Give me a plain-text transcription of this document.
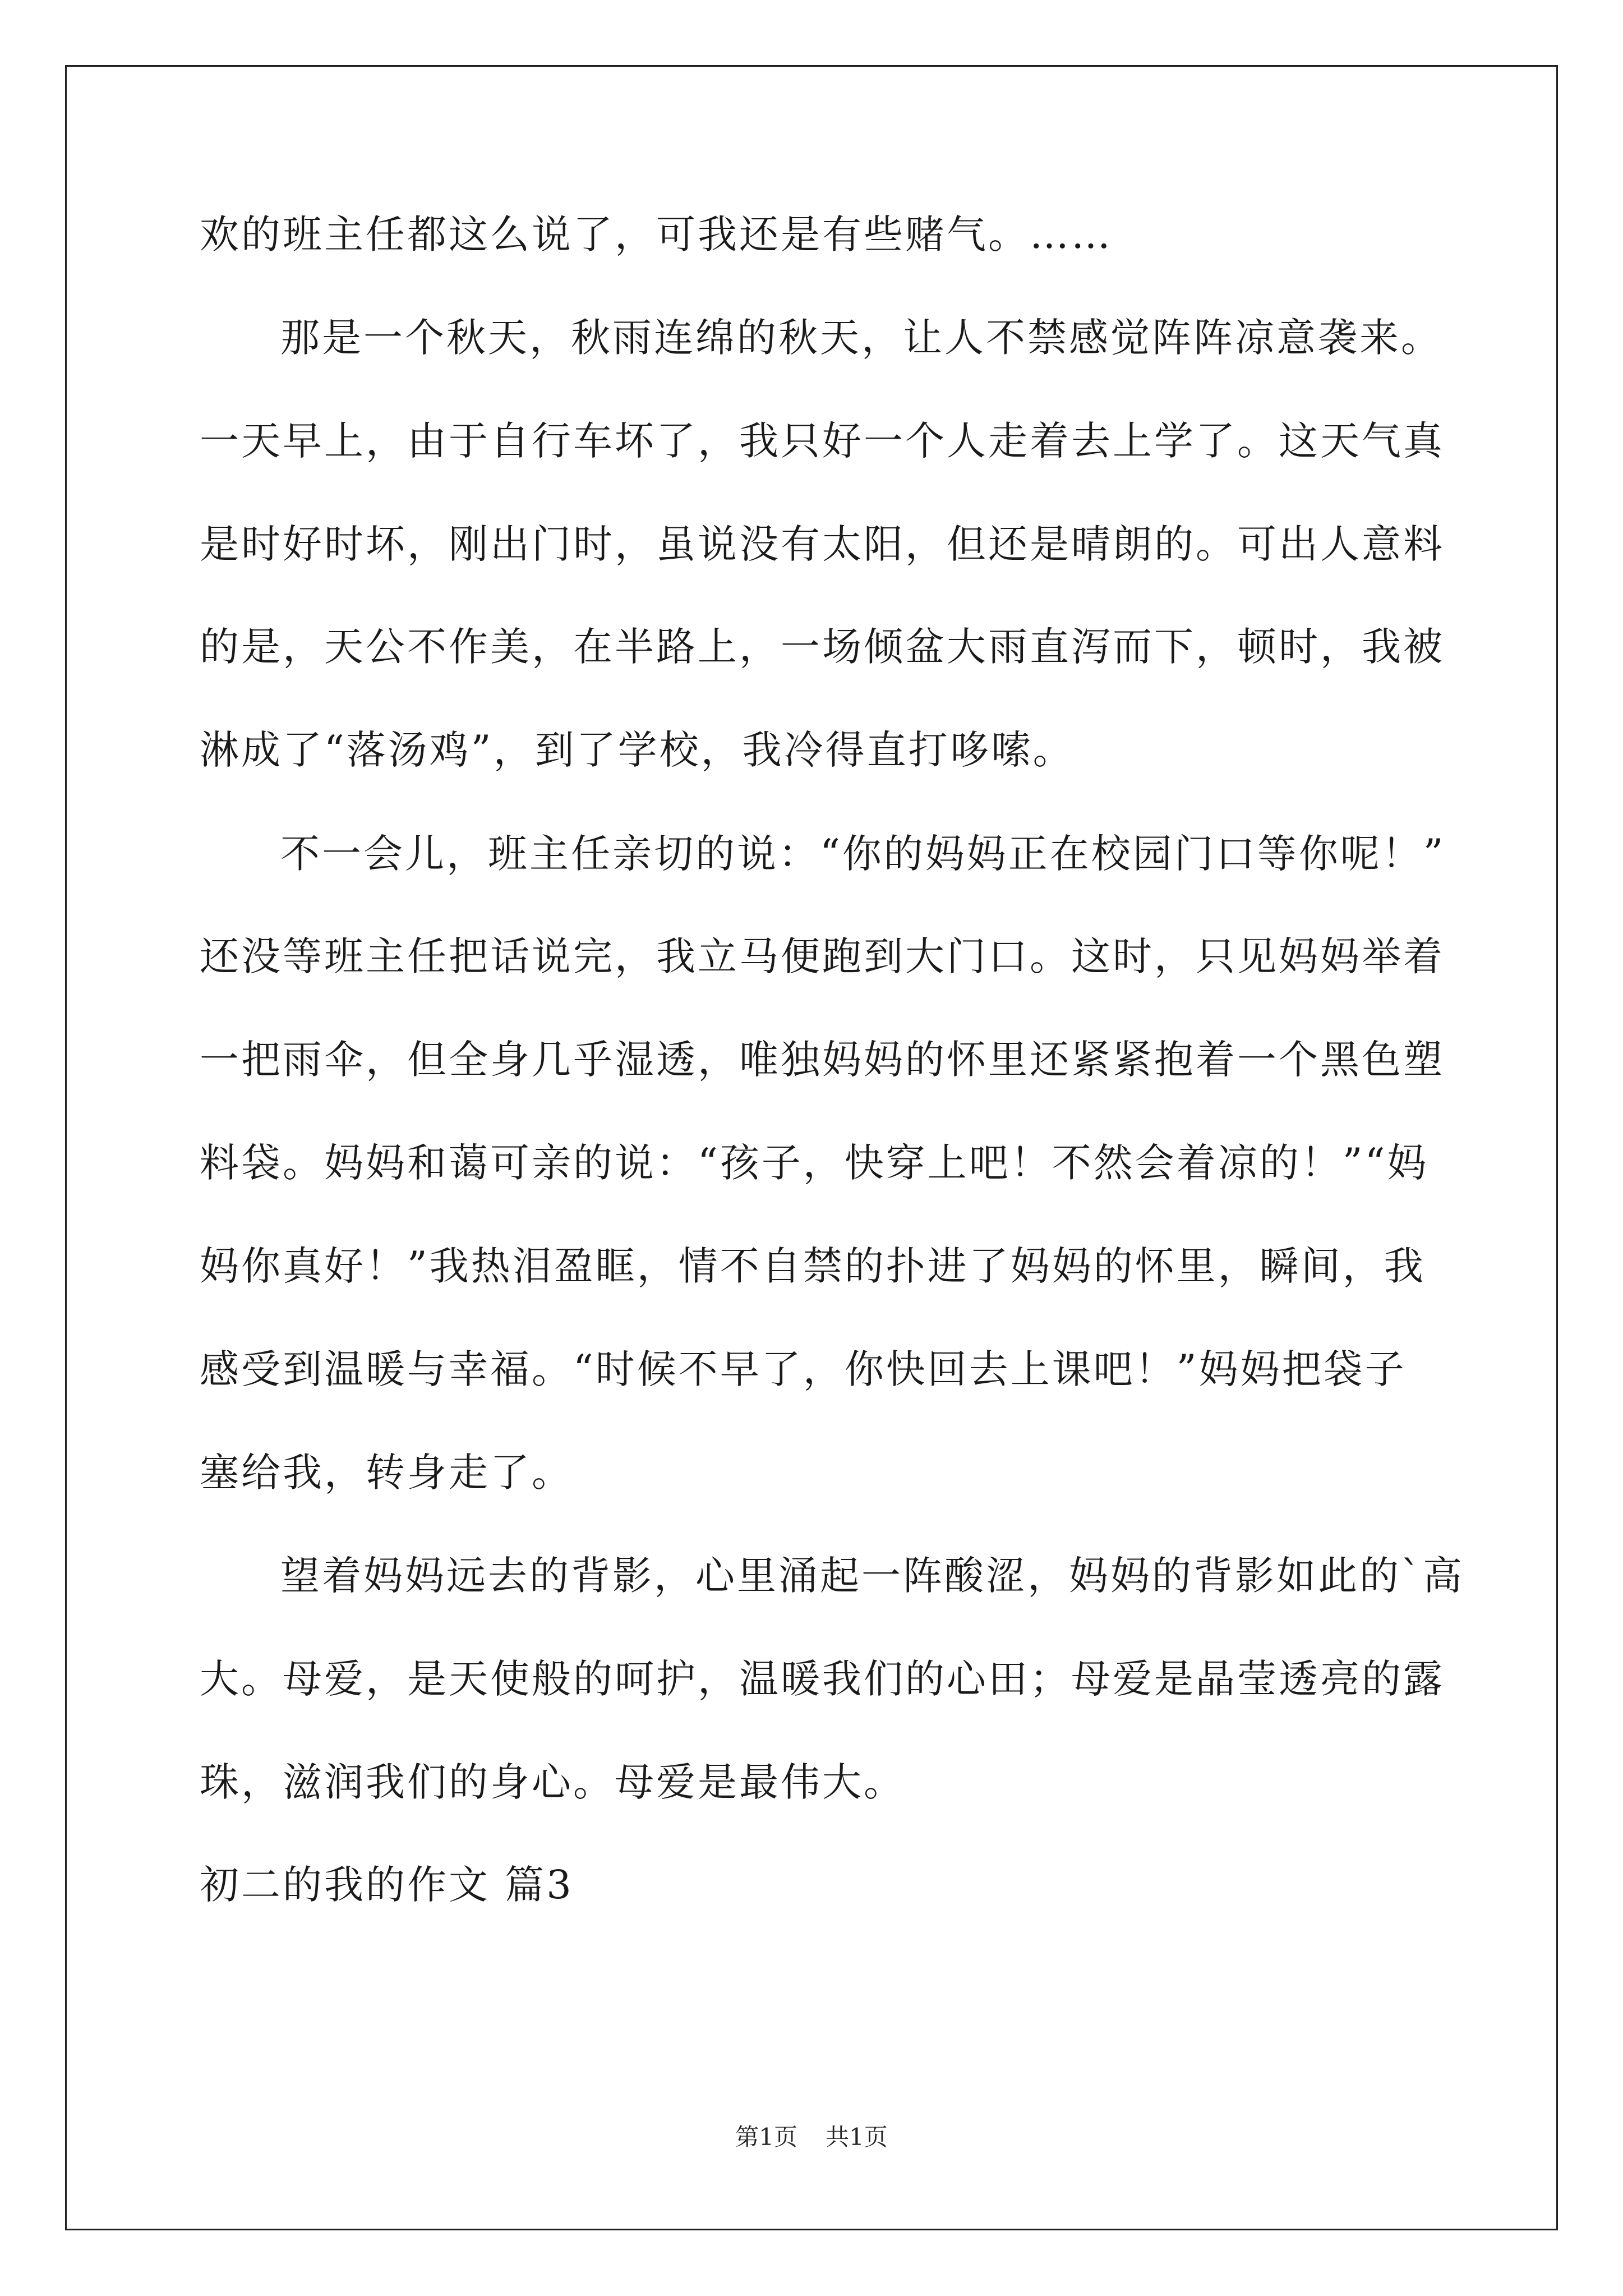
欢的班主任都这么说了，可我还是有些赌气。……
那是一个秋天，秋雨连绵的秋天，让人不禁感觉阵阵凉意袭来。
一天早上，由于自行车坏了，我只好一个人走着去上学了。这天气真
是时好时坏，刚出门时，虽说没有太阳，但还是晴朗的。可出人意料
的是，天公不作美，在半路上，一场倾盆大雨直泻而下，顿时，我被
淋成了“落汤鸡”，到了学校，我冷得直打哆嗦。
不一会儿，班主任亲切的说：“你的妈妈正在校园门口等你呢！”
还没等班主任把话说完，我立马便跑到大门口。这时，只见妈妈举着
一把雨伞，但全身几乎湿透，唯独妈妈的怀里还紧紧抱着一个黑色塑
料袋。妈妈和蔼可亲的说：“孩子，快穿上吧！不然会着凉的！”“妈
妈你真好！”我热泪盈眶，情不自禁的扑进了妈妈的怀里，瞬间，我
感受到温暖与幸福。“时候不早了，你快回去上课吧！”妈妈把袋子
塞给我，转身走了。
望着妈妈远去的背影，心里涌起一阵酸涩，妈妈的背影如此的`高
大。母爱，是天使般的呵护，温暖我们的心田；母爱是晶莹透亮的露
珠，滋润我们的身心。母爱是最伟大。
初二的我的作文 篇3
第1页 共1页
